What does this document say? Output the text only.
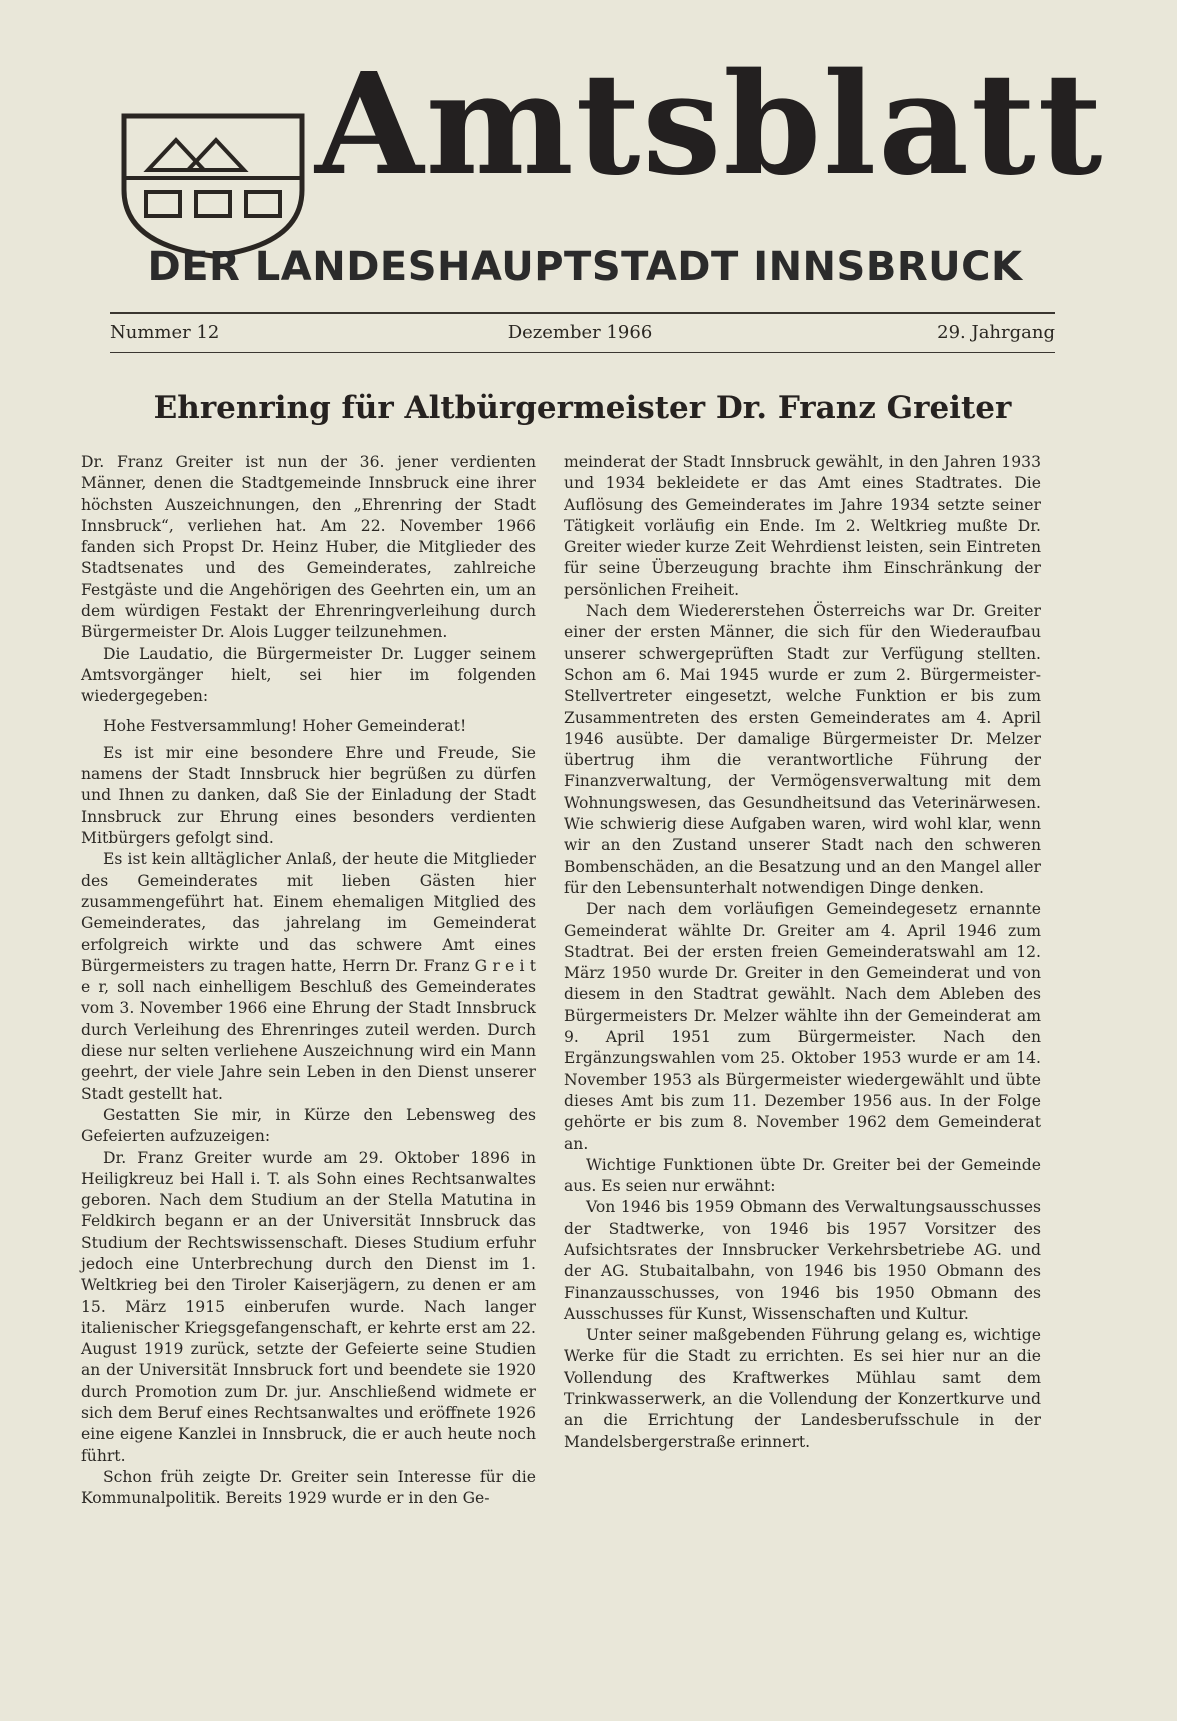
Amtsblatt
DER LANDESHAUPTSTADT INNSBRUCK
Nummer 12	Dezember 1966	29. Jahrgang
Ehrenring für Altbürgermeister Dr. Franz Greiter

Dr. Franz Greiter ist nun der 36. jener verdienten Männer, denen die Stadtgemeinde Innsbruck eine ihrer höchsten Auszeichnungen, den „Ehrenring der Stadt Innsbruck“, verliehen hat. Am 22. November 1966 fanden sich Propst Dr. Heinz Huber, die Mitglieder des Stadtsenates und des Gemeinderates, zahlreiche Festgäste und die Angehörigen des Geehrten ein, um an dem würdigen Festakt der Ehrenringverleihung durch Bürgermeister Dr. Alois Lugger teilzunehmen.

Die Laudatio, die Bürgermeister Dr. Lugger seinem Amtsvorgänger hielt, sei hier im folgenden wiedergegeben:

Hohe Festversammlung! Hoher Gemeinderat!

Es ist mir eine besondere Ehre und Freude, Sie namens der Stadt Innsbruck hier begrüßen zu dürfen und Ihnen zu danken, daß Sie der Einladung der Stadt Innsbruck zur Ehrung eines besonders verdienten Mitbürgers gefolgt sind.

Es ist kein alltäglicher Anlaß, der heute die Mitglieder des Gemeinderates mit lieben Gästen hier zusammengeführt hat. Einem ehemaligen Mitglied des Gemeinderates, das jahrelang im Gemeinderat erfolgreich wirkte und das schwere Amt eines Bürgermeisters zu tragen hatte, Herrn Dr. Franz G r e i t e r, soll nach einhelligem Beschluß des Gemeinderates vom 3. November 1966 eine Ehrung der Stadt Innsbruck durch Verleihung des Ehrenringes zuteil werden. Durch diese nur selten verliehene Auszeichnung wird ein Mann geehrt, der viele Jahre sein Leben in den Dienst unserer Stadt gestellt hat.

Gestatten Sie mir, in Kürze den Lebensweg des Gefeierten aufzuzeigen:

Dr. Franz Greiter wurde am 29. Oktober 1896 in Heiligkreuz bei Hall i. T. als Sohn eines Rechtsanwaltes geboren. Nach dem Studium an der Stella Matutina in Feldkirch begann er an der Universität Innsbruck das Studium der Rechtswissenschaft. Dieses Studium erfuhr jedoch eine Unterbrechung durch den Dienst im 1. Weltkrieg bei den Tiroler Kaiserjägern, zu denen er am 15. März 1915 einberufen wurde. Nach langer italienischer Kriegsgefangenschaft, er kehrte erst am 22. August 1919 zurück, setzte der Gefeierte seine Studien an der Universität Innsbruck fort und beendete sie 1920 durch Promotion zum Dr. jur. Anschließend widmete er sich dem Beruf eines Rechtsanwaltes und eröffnete 1926 eine eigene Kanzlei in Innsbruck, die er auch heute noch führt.

Schon früh zeigte Dr. Greiter sein Interesse für die Kommunalpolitik. Bereits 1929 wurde er in den Ge-

meinderat der Stadt Innsbruck gewählt, in den Jahren 1933 und 1934 bekleidete er das Amt eines Stadtrates. Die Auflösung des Gemeinderates im Jahre 1934 setzte seiner Tätigkeit vorläufig ein Ende. Im 2. Weltkrieg mußte Dr. Greiter wieder kurze Zeit Wehrdienst leisten, sein Eintreten für seine Überzeugung brachte ihm Einschränkung der persönlichen Freiheit.

Nach dem Wiedererstehen Österreichs war Dr. Greiter einer der ersten Männer, die sich für den Wiederaufbau unserer schwergeprüften Stadt zur Verfügung stellten. Schon am 6. Mai 1945 wurde er zum 2. Bürgermeister-Stellvertreter eingesetzt, welche Funktion er bis zum Zusammentreten des ersten Gemeinderates am 4. April 1946 ausübte. Der damalige Bürgermeister Dr. Melzer übertrug ihm die verantwortliche Führung der Finanzverwaltung, der Vermögensverwaltung mit dem Wohnungswesen, das Gesundheitsund das Veterinärwesen. Wie schwierig diese Aufgaben waren, wird wohl klar, wenn wir an den Zustand unserer Stadt nach den schweren Bombenschäden, an die Besatzung und an den Mangel aller für den Lebensunterhalt notwendigen Dinge denken.

Der nach dem vorläufigen Gemeindegesetz ernannte Gemeinderat wählte Dr. Greiter am 4. April 1946 zum Stadtrat. Bei der ersten freien Gemeinderatswahl am 12. März 1950 wurde Dr. Greiter in den Gemeinderat und von diesem in den Stadtrat gewählt. Nach dem Ableben des Bürgermeisters Dr. Melzer wählte ihn der Gemeinderat am 9. April 1951 zum Bürgermeister. Nach den Ergänzungswahlen vom 25. Oktober 1953 wurde er am 14. November 1953 als Bürgermeister wiedergewählt und übte dieses Amt bis zum 11. Dezember 1956 aus. In der Folge gehörte er bis zum 8. November 1962 dem Gemeinderat an.

Wichtige Funktionen übte Dr. Greiter bei der Gemeinde aus. Es seien nur erwähnt:

Von 1946 bis 1959 Obmann des Verwaltungsausschusses der Stadtwerke, von 1946 bis 1957 Vorsitzer des Aufsichtsrates der Innsbrucker Verkehrsbetriebe AG. und der AG. Stubaitalbahn, von 1946 bis 1950 Obmann des Finanzausschusses, von 1946 bis 1950 Obmann des Ausschusses für Kunst, Wissenschaften und Kultur.

Unter seiner maßgebenden Führung gelang es, wichtige Werke für die Stadt zu errichten. Es sei hier nur an die Vollendung des Kraftwerkes Mühlau samt dem Trinkwasserwerk, an die Vollendung der Konzertkurve und an die Errichtung der Landesberufsschule in der Mandelsbergerstraße erinnert.
